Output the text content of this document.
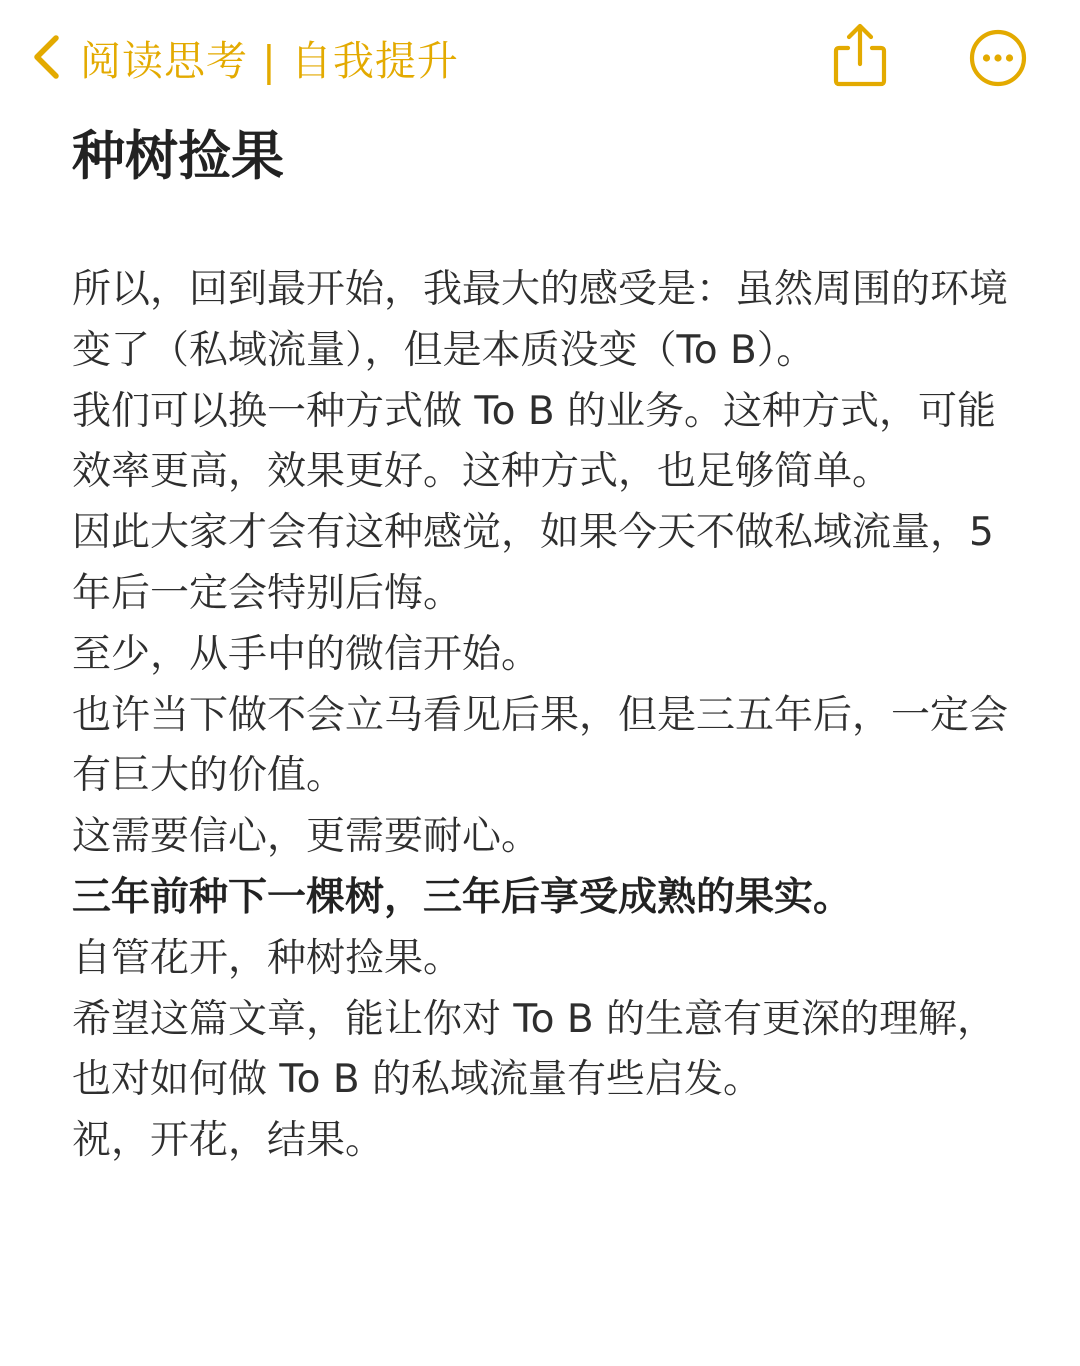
阅读思考 | 自我提升
种树捡果

所以，回到最开始，我最大的感受是：虽然周围的环境变了（私域流量），但是本质没变（To B）。

我们可以换一种方式做 To B 的业务。这种方式，可能效率更高，效果更好。这种方式，也足够简单。

因此大家才会有这种感觉，如果今天不做私域流量，5 年后一定会特别后悔。

至少，从手中的微信开始。

也许当下做不会立马看见后果，但是三五年后，一定会有巨大的价值。

这需要信心，更需要耐心。

三年前种下一棵树，三年后享受成熟的果实。

自管花开，种树捡果。

希望这篇文章，能让你对 To B 的生意有更深的理解，也对如何做 To B 的私域流量有些启发。

祝，开花，结果。
